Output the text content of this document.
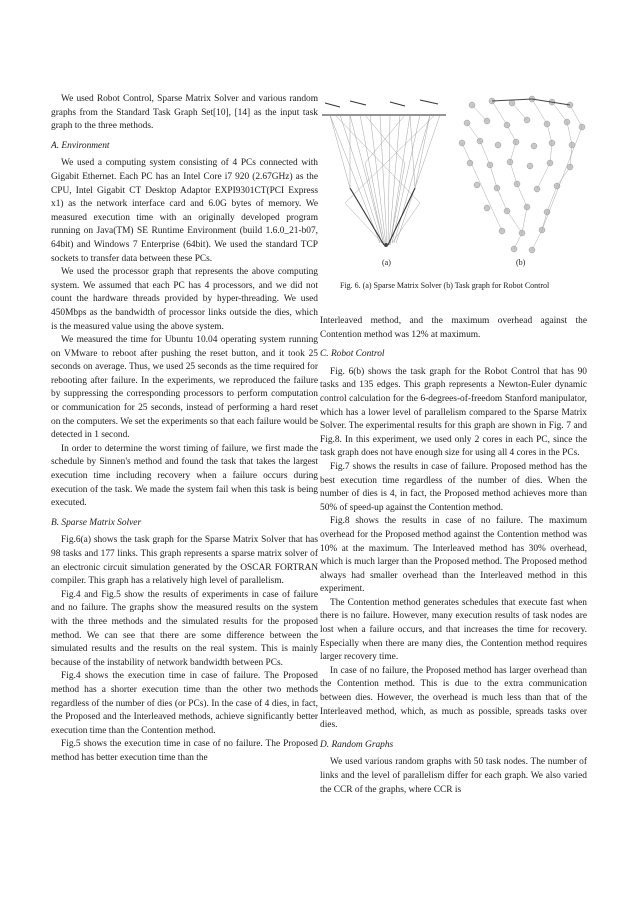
We used Robot Control, Sparse Matrix Solver and various random graphs from the Standard Task Graph Set[10], [14] as the input task graph to the three methods.

A. Environment

We used a computing system consisting of 4 PCs connected with Gigabit Ethernet. Each PC has an Intel Core i7 920 (2.67GHz) as the CPU, Intel Gigabit CT Desktop Adaptor EXPI9301CT(PCI Express x1) as the network interface card and 6.0G bytes of memory. We measured execution time with an originally developed program running on Java(TM) SE Runtime Environment (build 1.6.0_21-b07, 64bit) and Windows 7 Enterprise (64bit). We used the standard TCP sockets to transfer data between these PCs.

We used the processor graph that represents the above computing system. We assumed that each PC has 4 processors, and we did not count the hardware threads provided by hyper-threading. We used 450Mbps as the bandwidth of processor links outside the dies, which is the measured value using the above system.

We measured the time for Ubuntu 10.04 operating system running on VMware to reboot after pushing the reset button, and it took 25 seconds on average. Thus, we used 25 seconds as the time required for rebooting after failure. In the experiments, we reproduced the failure by suppressing the corresponding processors to perform computation or communication for 25 seconds, instead of performing a hard reset on the computers. We set the experiments so that each failure would be detected in 1 second.

In order to determine the worst timing of failure, we first made the schedule by Sinnen's method and found the task that takes the largest execution time including recovery when a failure occurs during execution of the task. We made the system fail when this task is being executed.

B. Sparse Matrix Solver

Fig.6(a) shows the task graph for the Sparse Matrix Solver that has 98 tasks and 177 links. This graph represents a sparse matrix solver of an electronic circuit simulation generated by the OSCAR FORTRAN compiler. This graph has a relatively high level of parallelism.

Fig.4 and Fig.5 show the results of experiments in case of failure and no failure. The graphs show the measured results on the system with the three methods and the simulated results for the proposed method. We can see that there are some difference between the simulated results and the results on the real system. This is mainly because of the instability of network bandwidth between PCs.

Fig.4 shows the execution time in case of failure. The Proposed method has a shorter execution time than the other two methods regardless of the number of dies (or PCs). In the case of 4 dies, in fact, the Proposed and the Interleaved methods, achieve significantly better execution time than the Contention method.

Fig.5 shows the execution time in case of no failure. The Proposed method has better execution time than the

(a)	(b)
Fig. 6. (a) Sparse Matrix Solver (b) Task graph for Robot Control

Interleaved method, and the maximum overhead against the Contention method was 12% at maximum.

C. Robot Control

Fig. 6(b) shows the task graph for the Robot Control that has 90 tasks and 135 edges. This graph represents a Newton-Euler dynamic control calculation for the 6-degrees-of-freedom Stanford manipulator, which has a lower level of parallelism compared to the Sparse Matrix Solver. The experimental results for this graph are shown in Fig. 7 and Fig.8. In this experiment, we used only 2 cores in each PC, since the task graph does not have enough size for using all 4 cores in the PCs.

Fig.7 shows the results in case of failure. Proposed method has the best execution time regardless of the number of dies. When the number of dies is 4, in fact, the Proposed method achieves more than 50% of speed-up against the Contention method.

Fig.8 shows the results in case of no failure. The maximum overhead for the Proposed method against the Contention method was 10% at the maximum. The Interleaved method has 30% overhead, which is much larger than the Proposed method. The Proposed method always had smaller overhead than the Interleaved method in this experiment.

The Contention method generates schedules that execute fast when there is no failure. However, many execution results of task nodes are lost when a failure occurs, and that increases the time for recovery. Especially when there are many dies, the Contention method requires larger recovery time.

In case of no failure, the Proposed method has larger overhead than the Contention method. This is due to the extra communication between dies. However, the overhead is much less than that of the Interleaved method, which, as much as possible, spreads tasks over dies.

D. Random Graphs

We used various random graphs with 50 task nodes. The number of links and the level of parallelism differ for each graph. We also varied the CCR of the graphs, where CCR is
